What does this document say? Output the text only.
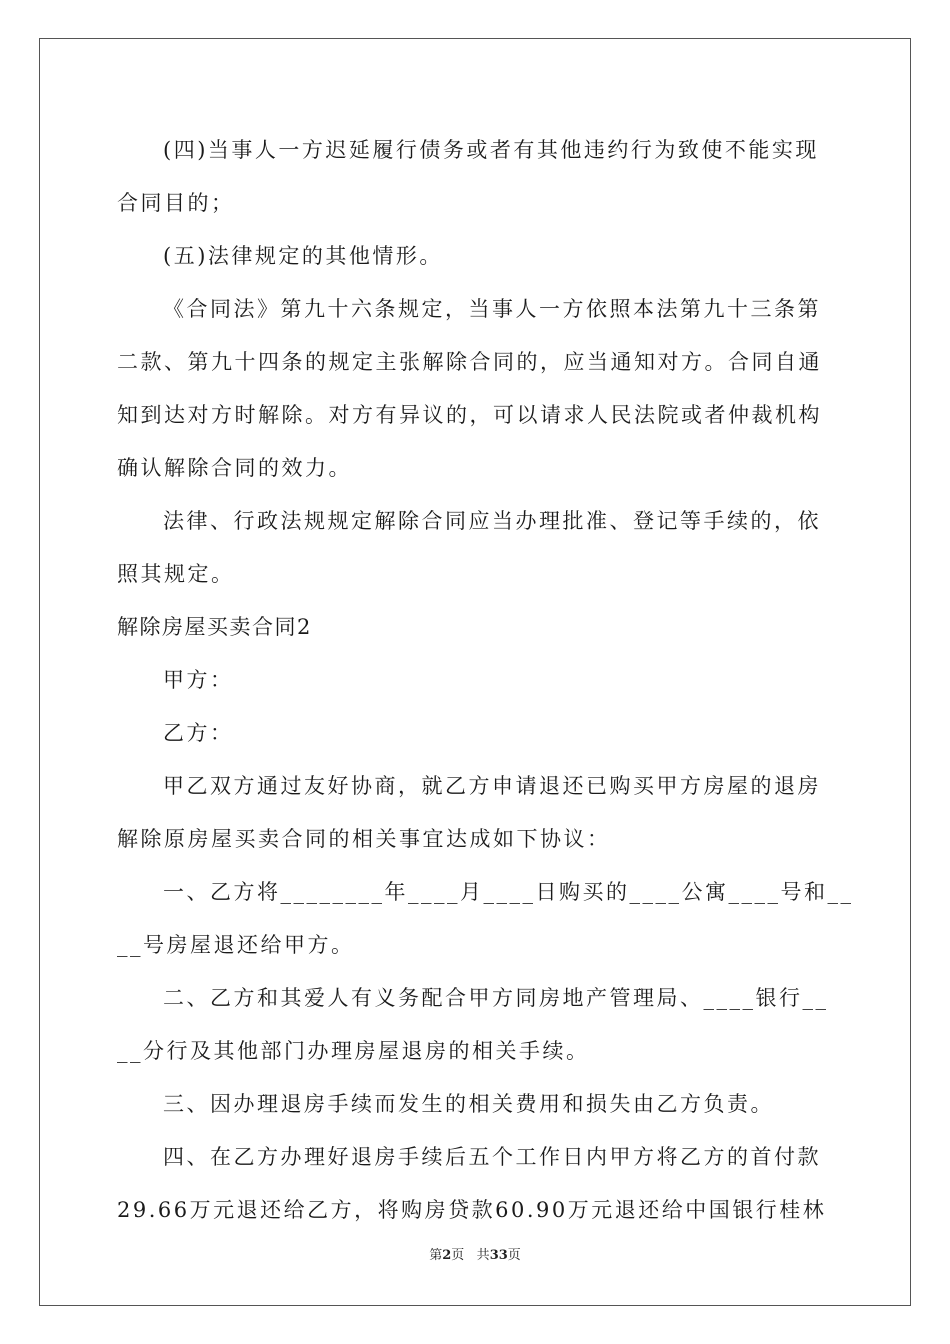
(四)当事人一方迟延履行债务或者有其他违约行为致使不能实现
合同目的；
(五)法律规定的其他情形。
《合同法》第九十六条规定，当事人一方依照本法第九十三条第
二款、第九十四条的规定主张解除合同的，应当通知对方。合同自通
知到达对方时解除。对方有异议的，可以请求人民法院或者仲裁机构
确认解除合同的效力。
法律、行政法规规定解除合同应当办理批准、登记等手续的，依
照其规定。
解除房屋买卖合同2
甲方：
乙方：
甲乙双方通过友好协商，就乙方申请退还已购买甲方房屋的退房
解除原房屋买卖合同的相关事宜达成如下协议：
一、乙方将________年____月____日购买的____公寓____号和__
__号房屋退还给甲方。
二、乙方和其爱人有义务配合甲方同房地产管理局、____银行__
__分行及其他部门办理房屋退房的相关手续。
三、因办理退房手续而发生的相关费用和损失由乙方负责。
四、在乙方办理好退房手续后五个工作日内甲方将乙方的首付款
29.66万元退还给乙方，将购房贷款60.90万元退还给中国银行桂林
第2页 共33页
